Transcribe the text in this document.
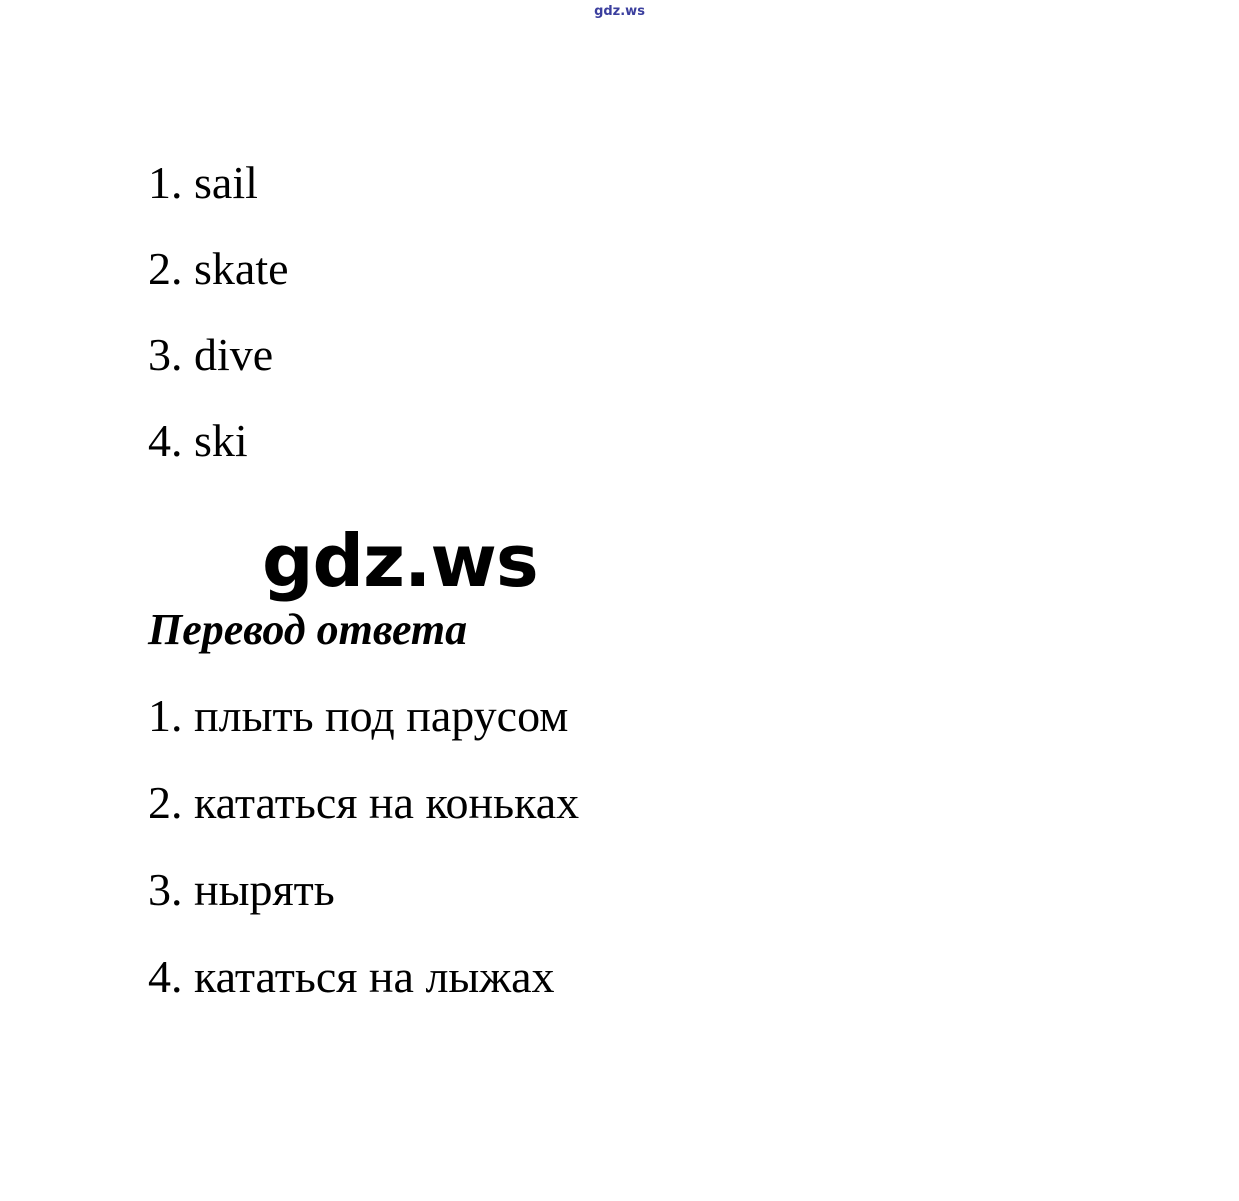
gdz.ws
1. sail
2. skate
3. dive
4. ski
gdz.ws
Перевод ответа
1. плыть под парусом
2. кататься на коньках
3. нырять
4. кататься на лыжах
